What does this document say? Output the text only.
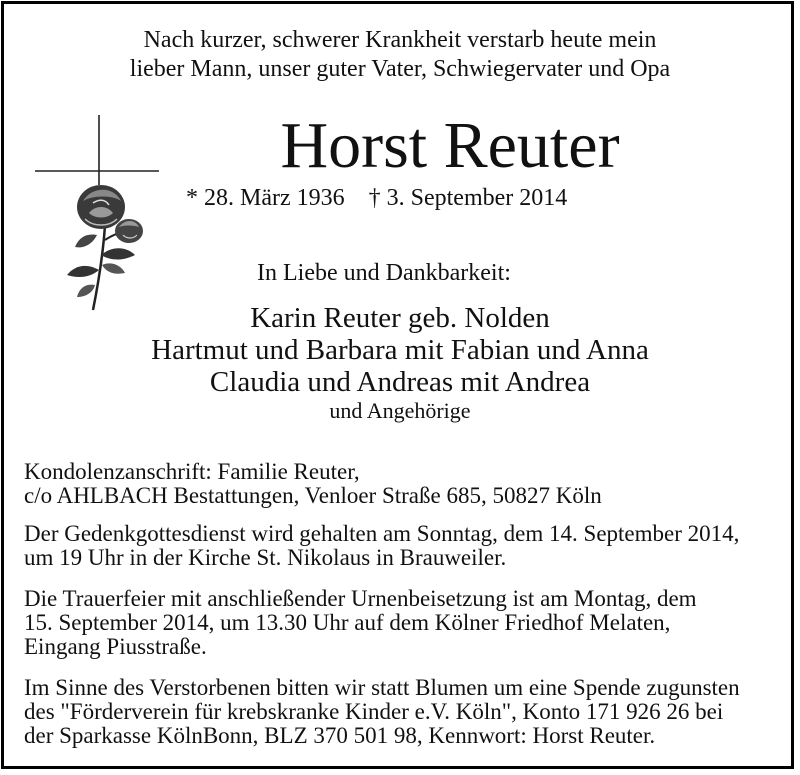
Nach kurzer, schwerer Krankheit verstarb heute mein
lieber Mann, unser guter Vater, Schwiegervater und Opa
Horst Reuter
* 28. März 1936 † 3. September 2014
In Liebe und Dankbarkeit:
Karin Reuter geb. Nolden
Hartmut und Barbara mit Fabian und Anna
Claudia und Andreas mit Andrea
und Angehörige
Kondolenzanschrift: Familie Reuter,
c/o AHLBACH Bestattungen, Venloer Straße 685, 50827 Köln
Der Gedenkgottesdienst wird gehalten am Sonntag, dem 14. September 2014,
um 19 Uhr in der Kirche St. Nikolaus in Brauweiler.
Die Trauerfeier mit anschließender Urnenbeisetzung ist am Montag, dem
15. September 2014, um 13.30 Uhr auf dem Kölner Friedhof Melaten,
Eingang Piusstraße.
Im Sinne des Verstorbenen bitten wir statt Blumen um eine Spende zugunsten
des "Förderverein für krebskranke Kinder e.V. Köln", Konto 171 926 26 bei
der Sparkasse KölnBonn, BLZ 370 501 98, Kennwort: Horst Reuter.
